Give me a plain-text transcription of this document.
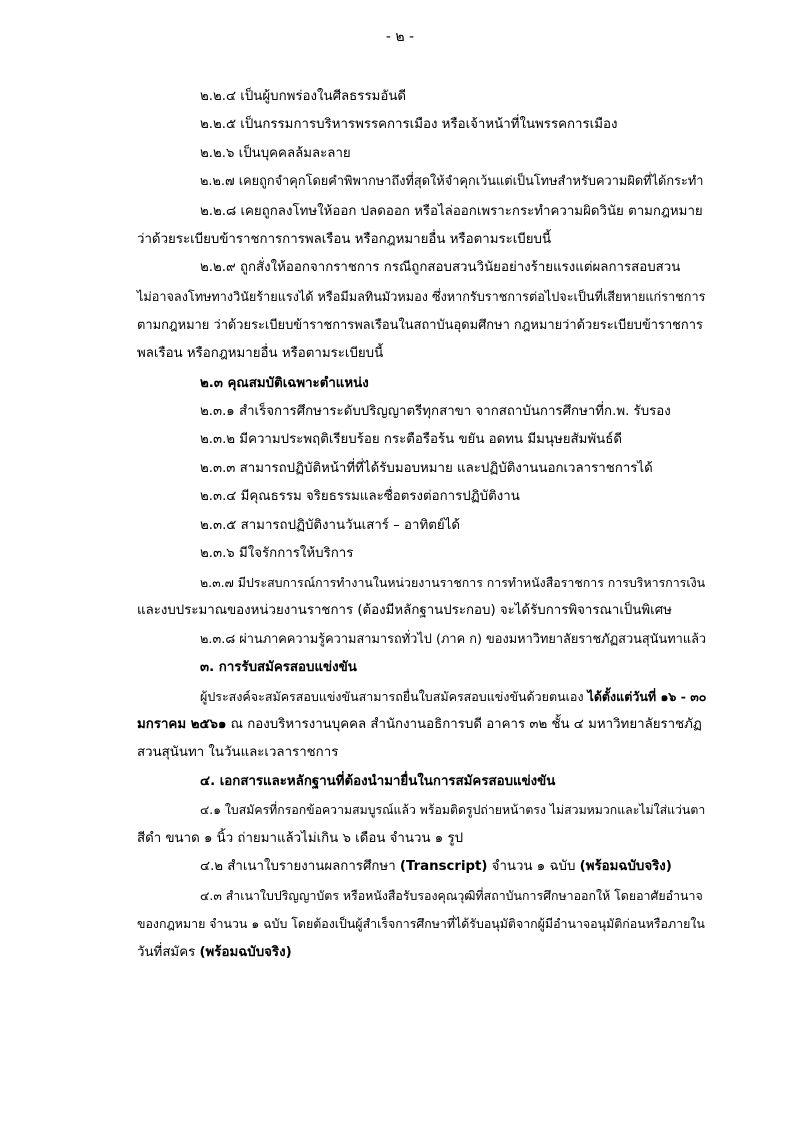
- ๒ -
๒.๒.๔ เป็นผู้บกพร่องในศีลธรรมอันดี
๒.๒.๕ เป็นกรรมการบริหารพรรคการเมือง หรือเจ้าหน้าที่ในพรรคการเมือง
๒.๒.๖ เป็นบุคคลล้มละลาย
๒.๒.๗ เคยถูกจำคุกโดยคำพิพากษาถึงที่สุดให้จำคุกเว้นแต่เป็นโทษสำหรับความผิดที่ได้กระทำ
๒.๒.๘ เคยถูกลงโทษให้ออก ปลดออก หรือไล่ออกเพราะกระทำความผิดวินัย ตามกฎหมาย
ว่าด้วยระเบียบข้าราชการการพลเรือน หรือกฎหมายอื่น หรือตามระเบียบนี้
๒.๒.๙ ถูกสั่งให้ออกจากราชการ กรณีถูกสอบสวนวินัยอย่างร้ายแรงแต่ผลการสอบสวน
ไม่อาจลงโทษทางวินัยร้ายแรงได้ หรือมีมลทินมัวหมอง ซึ่งหากรับราชการต่อไปจะเป็นที่เสียหายแก่ราชการ
ตามกฎหมาย ว่าด้วยระเบียบข้าราชการพลเรือนในสถาบันอุดมศึกษา กฎหมายว่าด้วยระเบียบข้าราชการ
พลเรือน หรือกฎหมายอื่น หรือตามระเบียบนี้
๒.๓ คุณสมบัติเฉพาะตำแหน่ง
๒.๓.๑ สำเร็จการศึกษาระดับปริญญาตรีทุกสาขา จากสถาบันการศึกษาที่ก.พ. รับรอง
๒.๓.๒ มีความประพฤติเรียบร้อย กระตือรือร้น ขยัน อดทน มีมนุษยสัมพันธ์ดี
๒.๓.๓ สามารถปฏิบัติหน้าที่ที่ได้รับมอบหมาย และปฏิบัติงานนอกเวลาราชการได้
๒.๓.๔ มีคุณธรรม จริยธรรมและซื่อตรงต่อการปฏิบัติงาน
๒.๓.๕ สามารถปฏิบัติงานวันเสาร์ – อาทิตย์ได้
๒.๓.๖ มีใจรักการให้บริการ
๒.๓.๗ มีประสบการณ์การทำงานในหน่วยงานราชการ การทำหนังสือราชการ การบริหารการเงิน
และงบประมาณของหน่วยงานราชการ (ต้องมีหลักฐานประกอบ) จะได้รับการพิจารณาเป็นพิเศษ
๒.๓.๘ ผ่านภาคความรู้ความสามารถทั่วไป (ภาค ก) ของมหาวิทยาลัยราชภัฏสวนสุนันทาแล้ว
๓. การรับสมัครสอบแข่งขัน
ผู้ประสงค์จะสมัครสอบแข่งขันสามารถยื่นใบสมัครสอบแข่งขันด้วยตนเอง ได้ตั้งแต่วันที่ ๑๖ - ๓๐
มกราคม ๒๕๖๑ ณ กองบริหารงานบุคคล สำนักงานอธิการบดี อาคาร ๓๒ ชั้น ๔ มหาวิทยาลัยราชภัฏ
สวนสุนันทา ในวันและเวลาราชการ
๔. เอกสารและหลักฐานที่ต้องนำมายื่นในการสมัครสอบแข่งขัน
๔.๑ ใบสมัครที่กรอกข้อความสมบูรณ์แล้ว พร้อมติดรูปถ่ายหน้าตรง ไม่สวมหมวกและไม่ใส่แว่นตา
สีดำ ขนาด ๑ นิ้ว ถ่ายมาแล้วไม่เกิน ๖ เดือน จำนวน ๑ รูป
๔.๒ สำเนาใบรายงานผลการศึกษา (Transcript) จำนวน ๑ ฉบับ (พร้อมฉบับจริง)
๔.๓ สำเนาใบปริญญาบัตร หรือหนังสือรับรองคุณวุฒิที่สถาบันการศึกษาออกให้ โดยอาศัยอำนาจ
ของกฎหมาย จำนวน ๑ ฉบับ โดยต้องเป็นผู้สำเร็จการศึกษาที่ได้รับอนุมัติจากผู้มีอำนาจอนุมัติก่อนหรือภายใน
วันที่สมัคร (พร้อมฉบับจริง)
